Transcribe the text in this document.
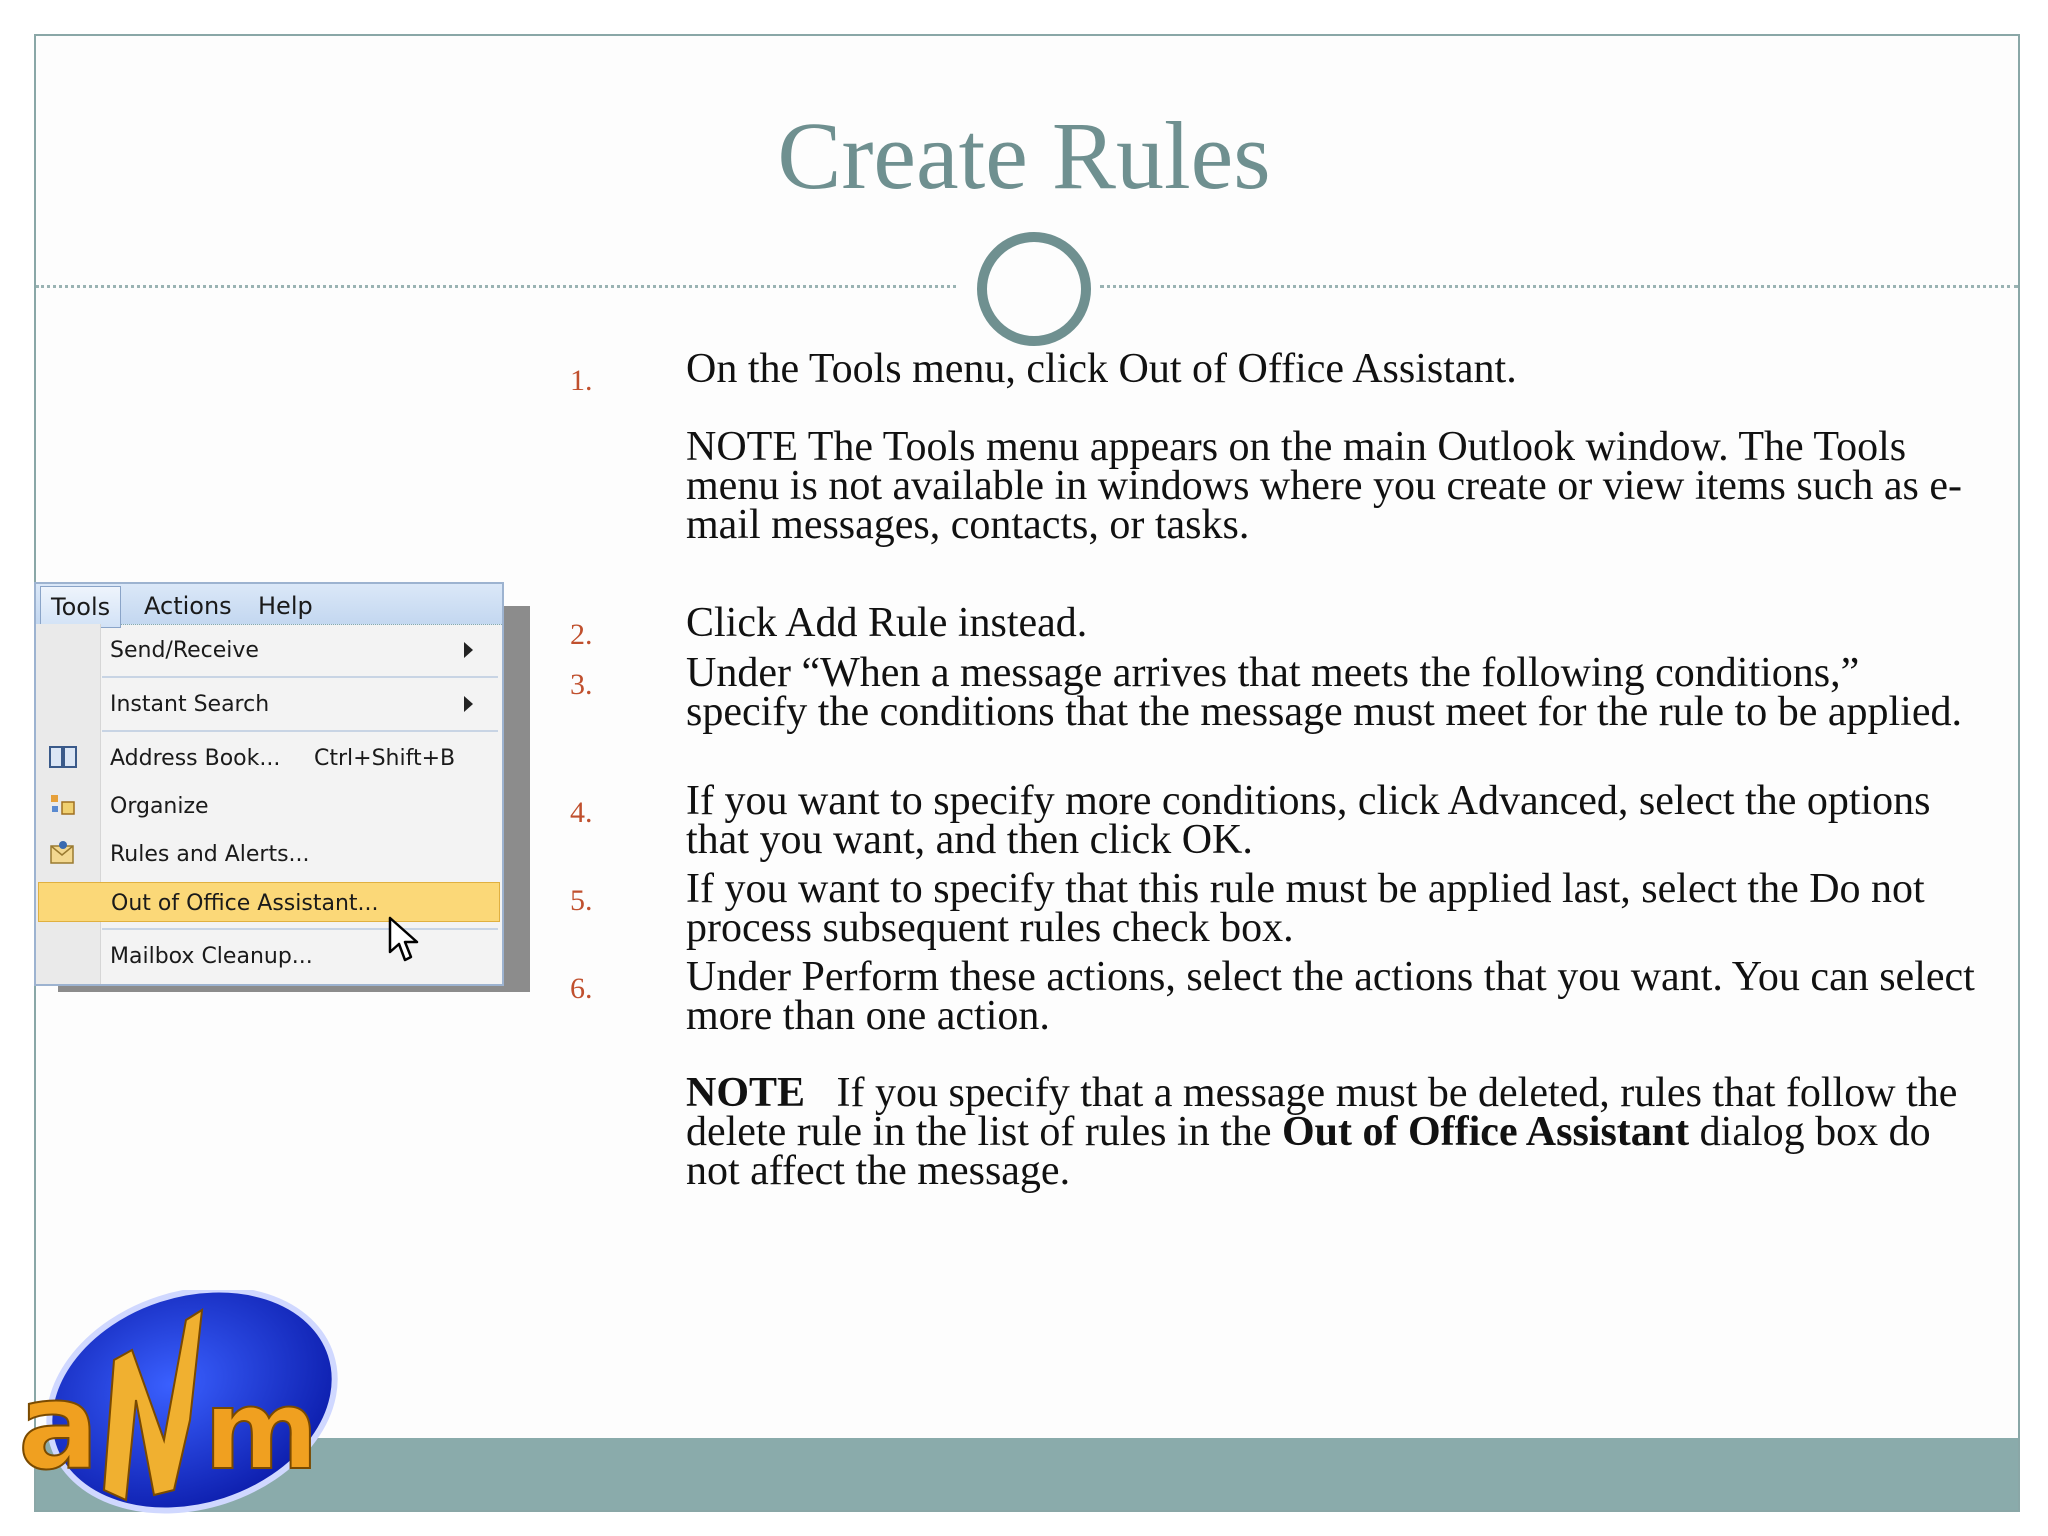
Create Rules
Tools	Actions Help
Send/Receive
Instant Search
Address Book... Ctrl+Shift+B
Organize
Rules and Alerts...
Out of Office Assistant...
Mailbox Cleanup...
1. On the Tools menu, click Out of Office Assistant.
NOTE The Tools menu appears on the main Outlook window. The Tools menu is not available in windows where you create or view items such as e-mail messages, contacts, or tasks.
2. Click Add Rule instead.
3. Under “When a message arrives that meets the following conditions,” specify the conditions that the message must meet for the rule to be applied.
4. If you want to specify more conditions, click Advanced, select the options that you want, and then click OK.
5. If you want to specify that this rule must be applied last, select the Do not process subsequent rules check box.
6. Under Perform these actions, select the actions that you want. You can select more than one action.
NOTE   If you specify that a message must be deleted, rules that follow the delete rule in the list of rules in the Out of Office Assistant dialog box do not affect the message.
a m
